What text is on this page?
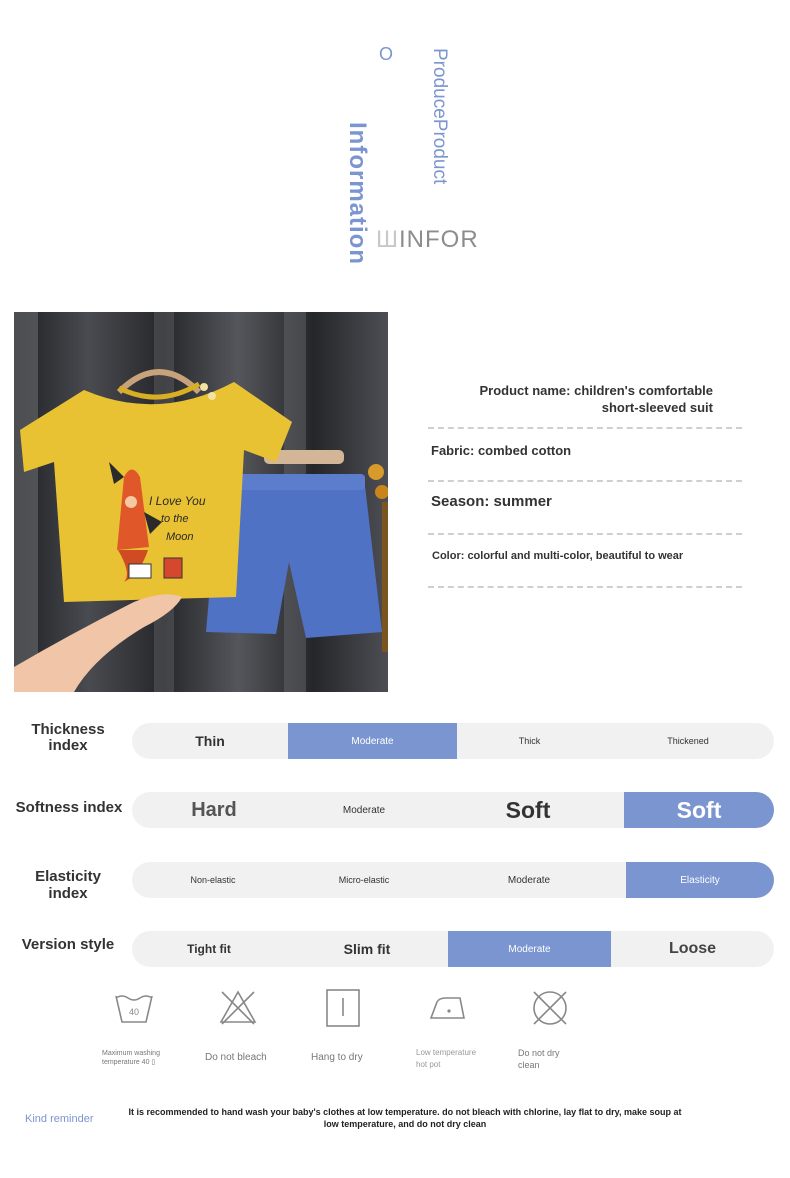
O ProduceProduct
Information ШINFOR
I Love You
to the
Moon
Product name: children's comfortable
short-sleeved suit
Fabric: combed cotton
Season: summer
Color: colorful and multi-color, beautiful to wear
Thickness
index	Thin	Moderate	Thick	Thickened
Softness index	Hard	Moderate	Soft	Soft
Elasticity index
Non-elastic	Micro-elastic	Moderate	Elasticity
Version style	Tight fit	Slim fit	Moderate	Loose
40
Maximum washing
temperature 40 ▯	Do not bleach	Hang to dry	Low temperature
hot pot
Do not dry
clean
Kind reminder
It is recommended to hand wash your baby's clothes at low temperature. do not bleach with chlorine, lay flat to dry, make soup at
low temperature, and do not dry clean
